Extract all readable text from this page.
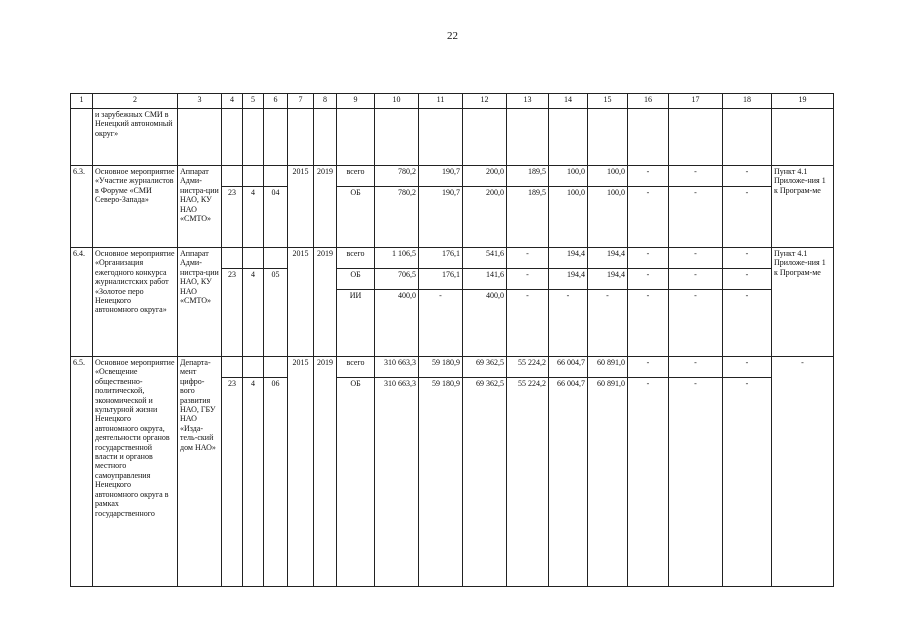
22
1	2	3	4	5	6	7	8	9	10	11	12	13	14	15	16	17	18	19
	и зарубежных СМИ в Ненецкий автономный округ»																	
6.3.	Основное мероприятие «Участие журналистов в Форуме «СМИ Северо-Запада»	Аппарат Адми-нистра-ции НАО, КУ НАО «СМТО»				2015	2019	всего	780,2	190,7	200,0	189,5	100,0	100,0	-	-	-	Пункт 4.1 Приложе-ния 1 к Програм-ме
			23	4	04			ОБ	780,2	190,7	200,0	189,5	100,0	100,0	-	-	-	
6.4.	Основное мероприятие «Организация ежегодного конкурса журналистских работ «Золотое перо Ненецкого автономного округа»	Аппарат Адми-нистра-ции НАО, КУ НАО «СМТО»				2015	2019	всего	1 106,5	176,1	541,6	-	194,4	194,4	-	-	-	Пункт 4.1 Приложе-ния 1 к Програм-ме
			23	4	05			ОБ	706,5	176,1	141,6	-	194,4	194,4	-	-	-	
								ИИ	400,0	-	400,0	-	-	-	-	-	-	
6.5.	Основное мероприятие «Освещение общественно-политической, экономической и культурной жизни Ненецкого автономного округа, деятельности органов государственной власти и органов местного самоуправления Ненецкого автономного округа в рамках государственного	Департа-мент цифро-вого развития НАО, ГБУ НАО «Изда-тель-ский дом НАО»				2015	2019	всего	310 663,3	59 180,9	69 362,5	55 224,2	66 004,7	60 891,0	-	-	-	-
			23	4	06			ОБ	310 663,3	59 180,9	69 362,5	55 224,2	66 004,7	60 891,0	-	-	-	
